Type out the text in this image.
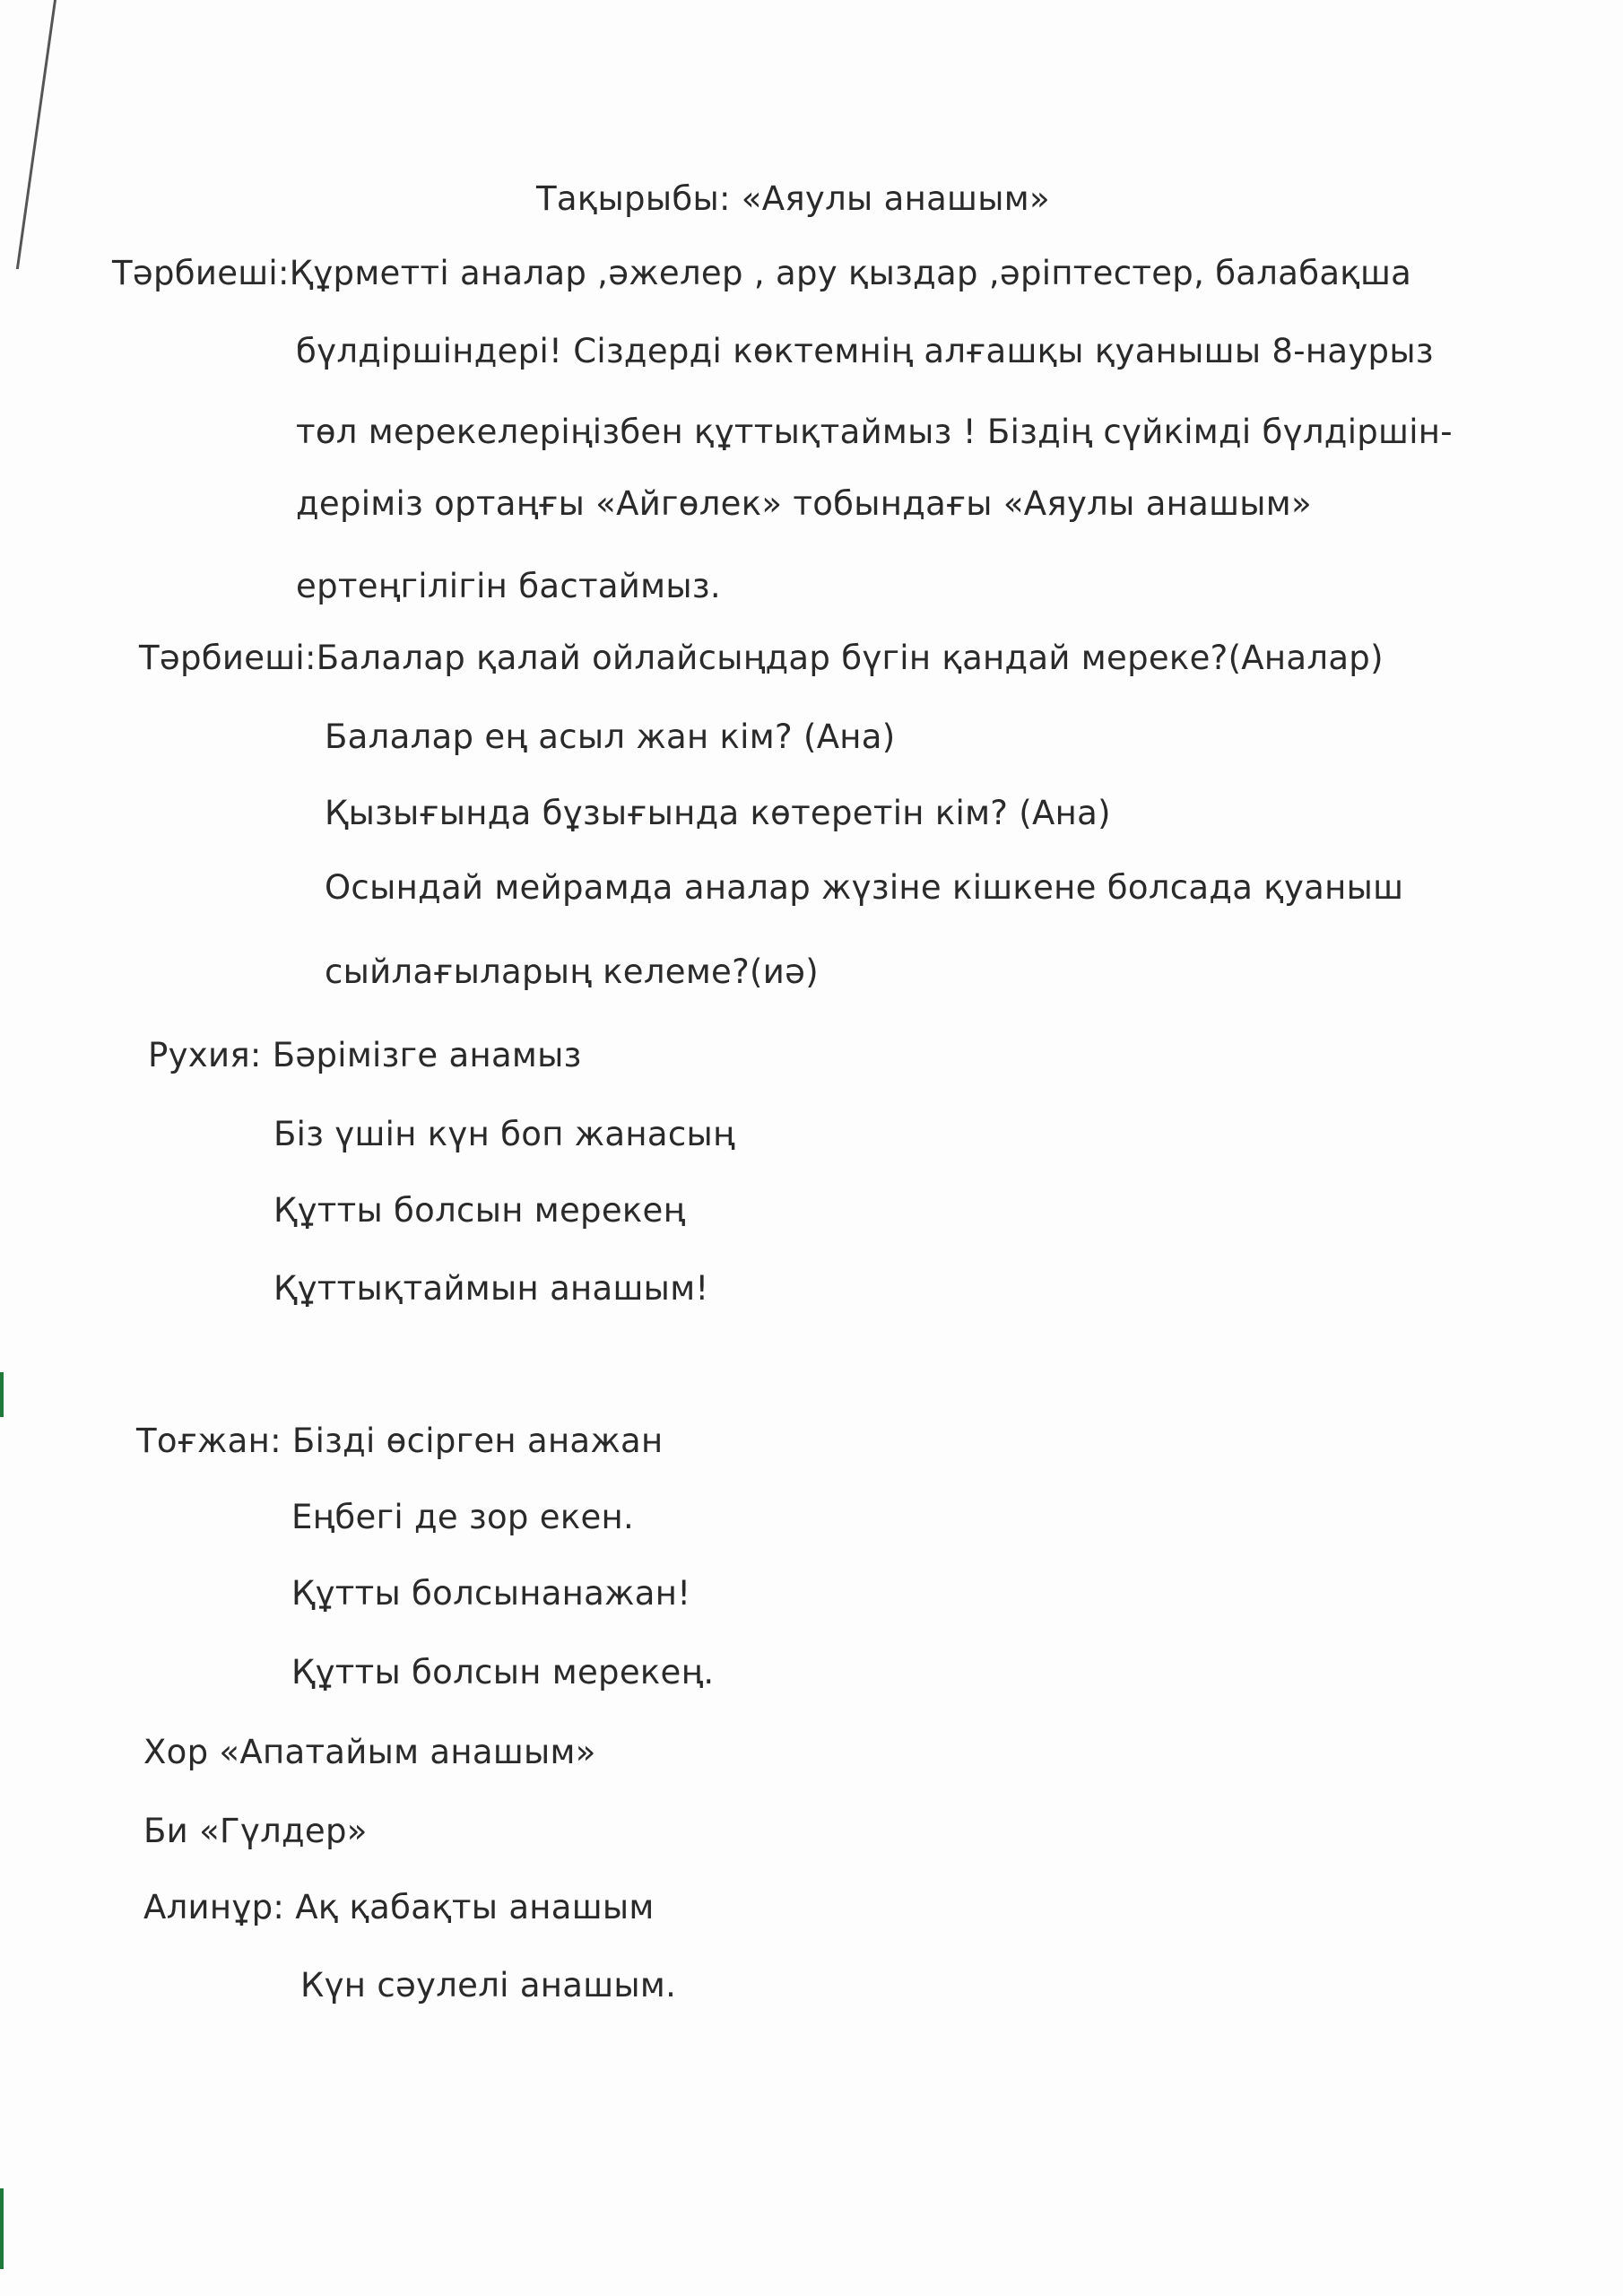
Тақырыбы: «Аяулы анашым»
Тәрбиеші:Құрметті аналар ,әжелер , ару қыздар ,әріптестер, балабақша
бүлдіршіндері! Сіздерді көктемнің алғашқы қуанышы 8-наурыз
төл мерекелеріңізбен құттықтаймыз ! Біздің сүйкімді бүлдіршін-
деріміз ортаңғы «Айгөлек» тобындағы «Аяулы анашым»
ертеңгілігін бастаймыз.
Тәрбиеші:Балалар қалай ойлайсыңдар бүгін қандай мереке?(Аналар)
Балалар ең асыл жан кім? (Ана)
Қызығында бұзығында көтеретін кім? (Ана)
Осындай мейрамда аналар жүзіне кішкене болсада қуаныш
сыйлағыларың келеме?(иә)
Рухия: Бәрімізге анамыз
Біз үшін күн боп жанасың
Құтты болсын мерекең
Құттықтаймын анашым!
Тоғжан: Бізді өсірген анажан
Еңбегі де зор екен.
Құтты болсынанажан!
Құтты болсын мерекең.
Хор «Апатайым анашым»
Би «Гүлдер»
Алинұр: Ақ қабақты анашым
Күн сәулелі анашым.
